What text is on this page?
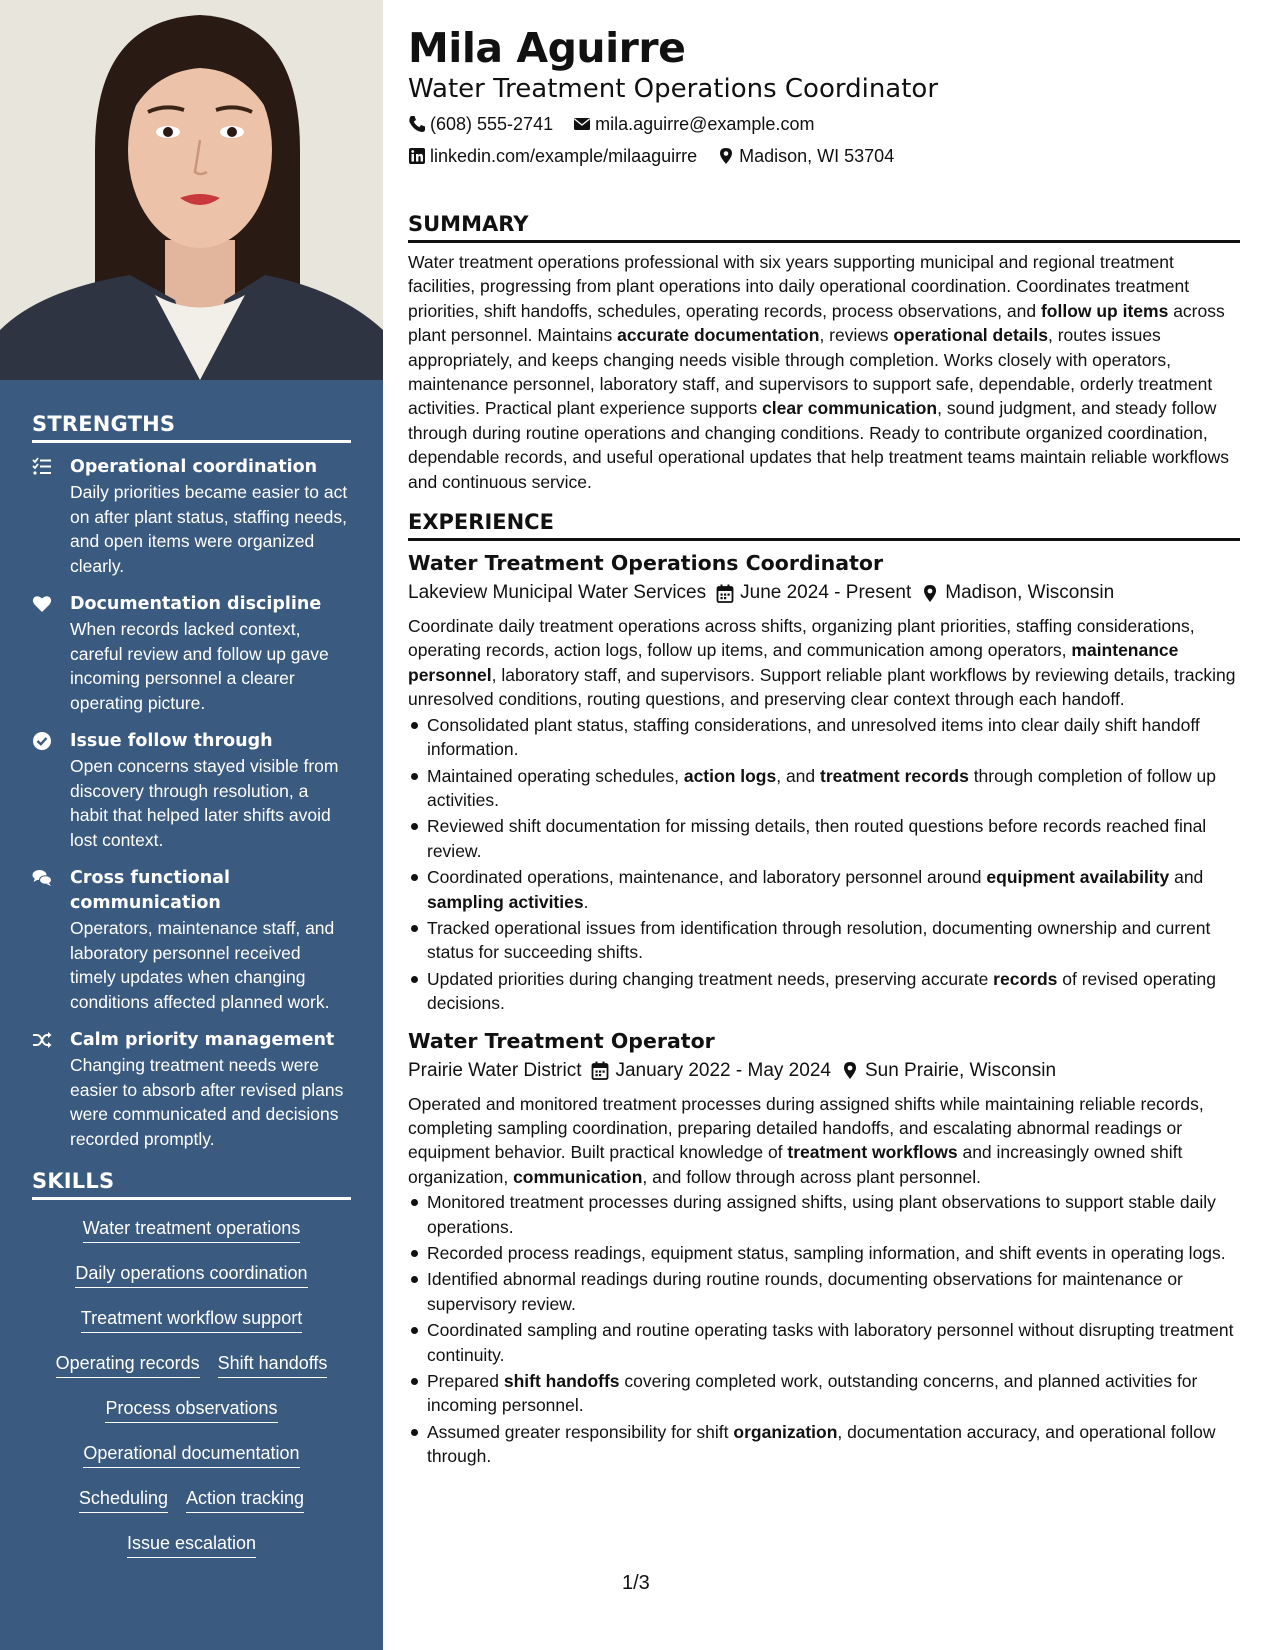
STRENGTHS
Operational coordination
Daily priorities became easier to act on after plant status, staffing needs, and open items were organized clearly.
Documentation discipline
When records lacked context, careful review and follow up gave incoming personnel a clearer operating picture.
Issue follow through
Open concerns stayed visible from discovery through resolution, a habit that helped later shifts avoid lost context.
Cross functional communication
Operators, maintenance staff, and laboratory personnel received timely updates when changing conditions affected planned work.
Calm priority management
Changing treatment needs were easier to absorb after revised plans were communicated and decisions recorded promptly.
SKILLS
Water treatment operations
Daily operations coordination
Treatment workflow support
Operating records Shift handoffs
Process observations
Operational documentation
Scheduling Action tracking
Issue escalation
Mila Aguirre
Water Treatment Operations Coordinator
(608) 555-2741 mila.aguirre@example.com
linkedin.com/example/milaaguirre Madison, WI 53704
SUMMARY

Water treatment operations professional with six years supporting municipal and regional treatment facilities, progressing from plant operations into daily operational coordination. Coordinates treatment priorities, shift handoffs, schedules, operating records, process observations, and follow up items across plant personnel. Maintains accurate documentation, reviews operational details, routes issues appropriately, and keeps changing needs visible through completion. Works closely with operators, maintenance personnel, laboratory staff, and supervisors to support safe, dependable, orderly treatment activities. Practical plant experience supports clear communication, sound judgment, and steady follow through during routine operations and changing conditions. Ready to contribute organized coordination, dependable records, and useful operational updates that help treatment teams maintain reliable workflows and continuous service.

EXPERIENCE
Water Treatment Operations Coordinator
Lakeview Municipal Water Services June 2024 - Present Madison, Wisconsin

Coordinate daily treatment operations across shifts, organizing plant priorities, staffing considerations, operating records, action logs, follow up items, and communication among operators, maintenance personnel, laboratory staff, and supervisors. Support reliable plant workflows by reviewing details, tracking unresolved conditions, routing questions, and preserving clear context through each handoff.

Consolidated plant status, staffing considerations, and unresolved items into clear daily shift handoff information.
Maintained operating schedules, action logs, and treatment records through completion of follow up activities.
Reviewed shift documentation for missing details, then routed questions before records reached final review.
Coordinated operations, maintenance, and laboratory personnel around equipment availability and sampling activities.
Tracked operational issues from identification through resolution, documenting ownership and current status for succeeding shifts.
Updated priorities during changing treatment needs, preserving accurate records of revised operating decisions.
Water Treatment Operator
Prairie Water District January 2022 - May 2024 Sun Prairie, Wisconsin

Operated and monitored treatment processes during assigned shifts while maintaining reliable records, completing sampling coordination, preparing detailed handoffs, and escalating abnormal readings or equipment behavior. Built practical knowledge of treatment workflows and increasingly owned shift organization, communication, and follow through across plant personnel.

Monitored treatment processes during assigned shifts, using plant observations to support stable daily operations.
Recorded process readings, equipment status, sampling information, and shift events in operating logs.
Identified abnormal readings during routine rounds, documenting observations for maintenance or supervisory review.
Coordinated sampling and routine operating tasks with laboratory personnel without disrupting treatment continuity.
Prepared shift handoffs covering completed work, outstanding concerns, and planned activities for incoming personnel.
Assumed greater responsibility for shift organization, documentation accuracy, and operational follow through.
1/3
